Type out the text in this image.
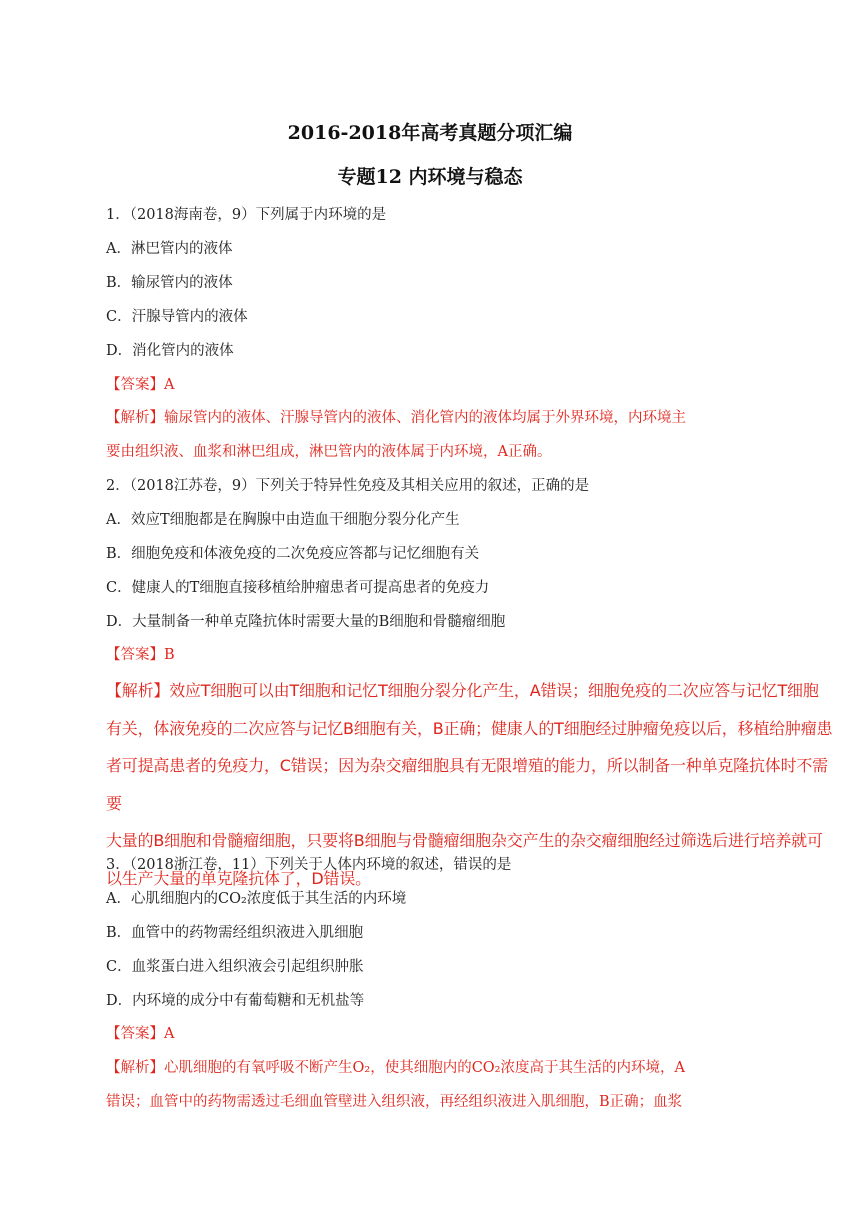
2016-2018年高考真题分项汇编
专题12 内环境与稳态
1．（2018海南卷，9）下列属于内环境的是
A．淋巴管内的液体
B．输尿管内的液体
C．汗腺导管内的液体
D．消化管内的液体
【答案】A
【解析】输尿管内的液体、汗腺导管内的液体、消化管内的液体均属于外界环境，内环境主
要由组织液、血浆和淋巴组成，淋巴管内的液体属于内环境，A正确。
2．（2018江苏卷，9）下列关于特异性免疫及其相关应用的叙述，正确的是
A．效应T细胞都是在胸腺中由造血干细胞分裂分化产生
B．细胞免疫和体液免疫的二次免疫应答都与记忆细胞有关
C．健康人的T细胞直接移植给肿瘤患者可提高患者的免疫力
D．大量制备一种单克隆抗体时需要大量的B细胞和骨髓瘤细胞
【答案】B
【解析】效应T细胞可以由T细胞和记忆T细胞分裂分化产生，A错误；细胞免疫的二次应答与记忆T细胞
有关，体液免疫的二次应答与记忆B细胞有关，B正确；健康人的T细胞经过肿瘤免疫以后，移植给肿瘤患
者可提高患者的免疫力，C错误；因为杂交瘤细胞具有无限增殖的能力，所以制备一种单克隆抗体时不需要
大量的B细胞和骨髓瘤细胞，只要将B细胞与骨髓瘤细胞杂交产生的杂交瘤细胞经过筛选后进行培养就可
以生产大量的单克隆抗体了，D错误。
3．（2018浙江卷，11）下列关于人体内环境的叙述，错误的是
A．心肌细胞内的CO₂浓度低于其生活的内环境
B．血管中的药物需经组织液进入肌细胞
C．血浆蛋白进入组织液会引起组织肿胀
D．内环境的成分中有葡萄糖和无机盐等
【答案】A
【解析】心肌细胞的有氧呼吸不断产生O₂，使其细胞内的CO₂浓度高于其生活的内环境，A
错误；血管中的药物需透过毛细血管壁进入组织液，再经组织液进入肌细胞，B正确；血浆
